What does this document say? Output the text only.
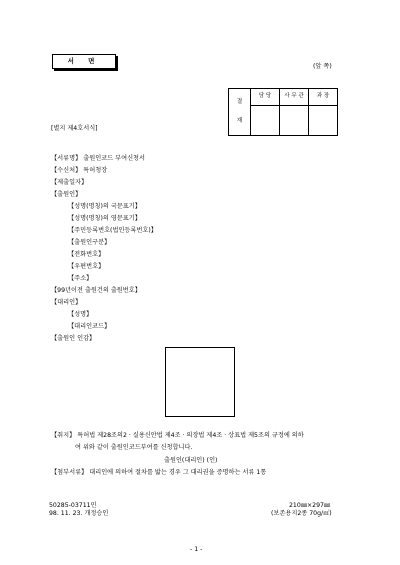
서 면
(앞 쪽)
결
재	담 당	사 무 관	과 장

[별지 제4호서식]
【서류명】 출원인코드 부여신청서
【수신처】 특허청장
【제출일자】
【출원인】
【성명(명칭)의 국문표기】
【성명(명칭)의 영문표기】
【주민등록번호(법인등록번호)】
【출원인구분】
【전화번호】
【우편번호】
【주소】
【99년이전 출원건의 출원번호】
【대리인】
【성명】
【대리인코드】
【출원인 인감】
【취지】 특허법 제28조의2 · 실용신안법 제4조 · 의장법 제4조 · 상표법 제5조의 규정에 의하
여 위와 같이 출원인코드부여를 신청합니다.
출원인(대리인) (인)
【첨부서류】 대리인에 의하여 절차를 밟는 경우 그 대리권을 증명하는 서류 1통
50285-03711민
98. 11. 23. 개정승인
210㎜×297㎜
(보존용지2종 70g/㎡)
- 1 -
